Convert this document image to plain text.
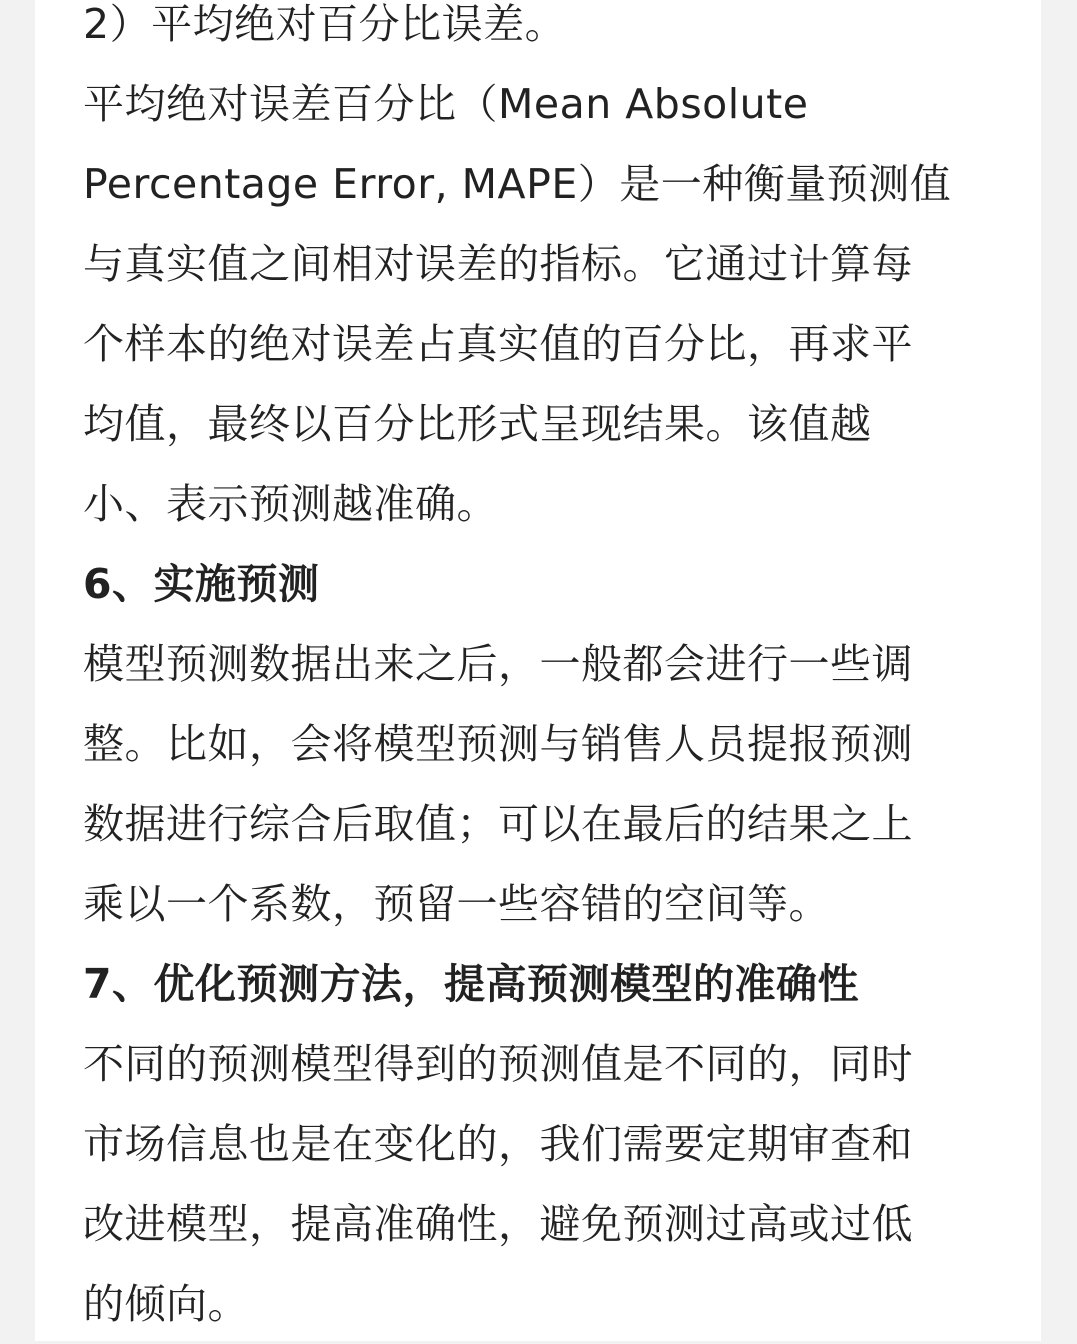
2）平均绝对百分比误差。

平均绝对误差百分比（Mean Absolute
Percentage Error, MAPE）是一种衡量预测值
与真实值之间相对误差的指标。它通过计算每
个样本的绝对误差占真实值的百分比，再求平
均值，最终以百分比形式呈现结果。该值越
小、表示预测越准确。

6、实施预测

模型预测数据出来之后，一般都会进行一些调
整。比如，会将模型预测与销售人员提报预测
数据进行综合后取值；可以在最后的结果之上
乘以一个系数，预留一些容错的空间等。

7、优化预测方法，提高预测模型的准确性

不同的预测模型得到的预测值是不同的，同时
市场信息也是在变化的，我们需要定期审查和
改进模型，提高准确性，避免预测过高或过低
的倾向。
